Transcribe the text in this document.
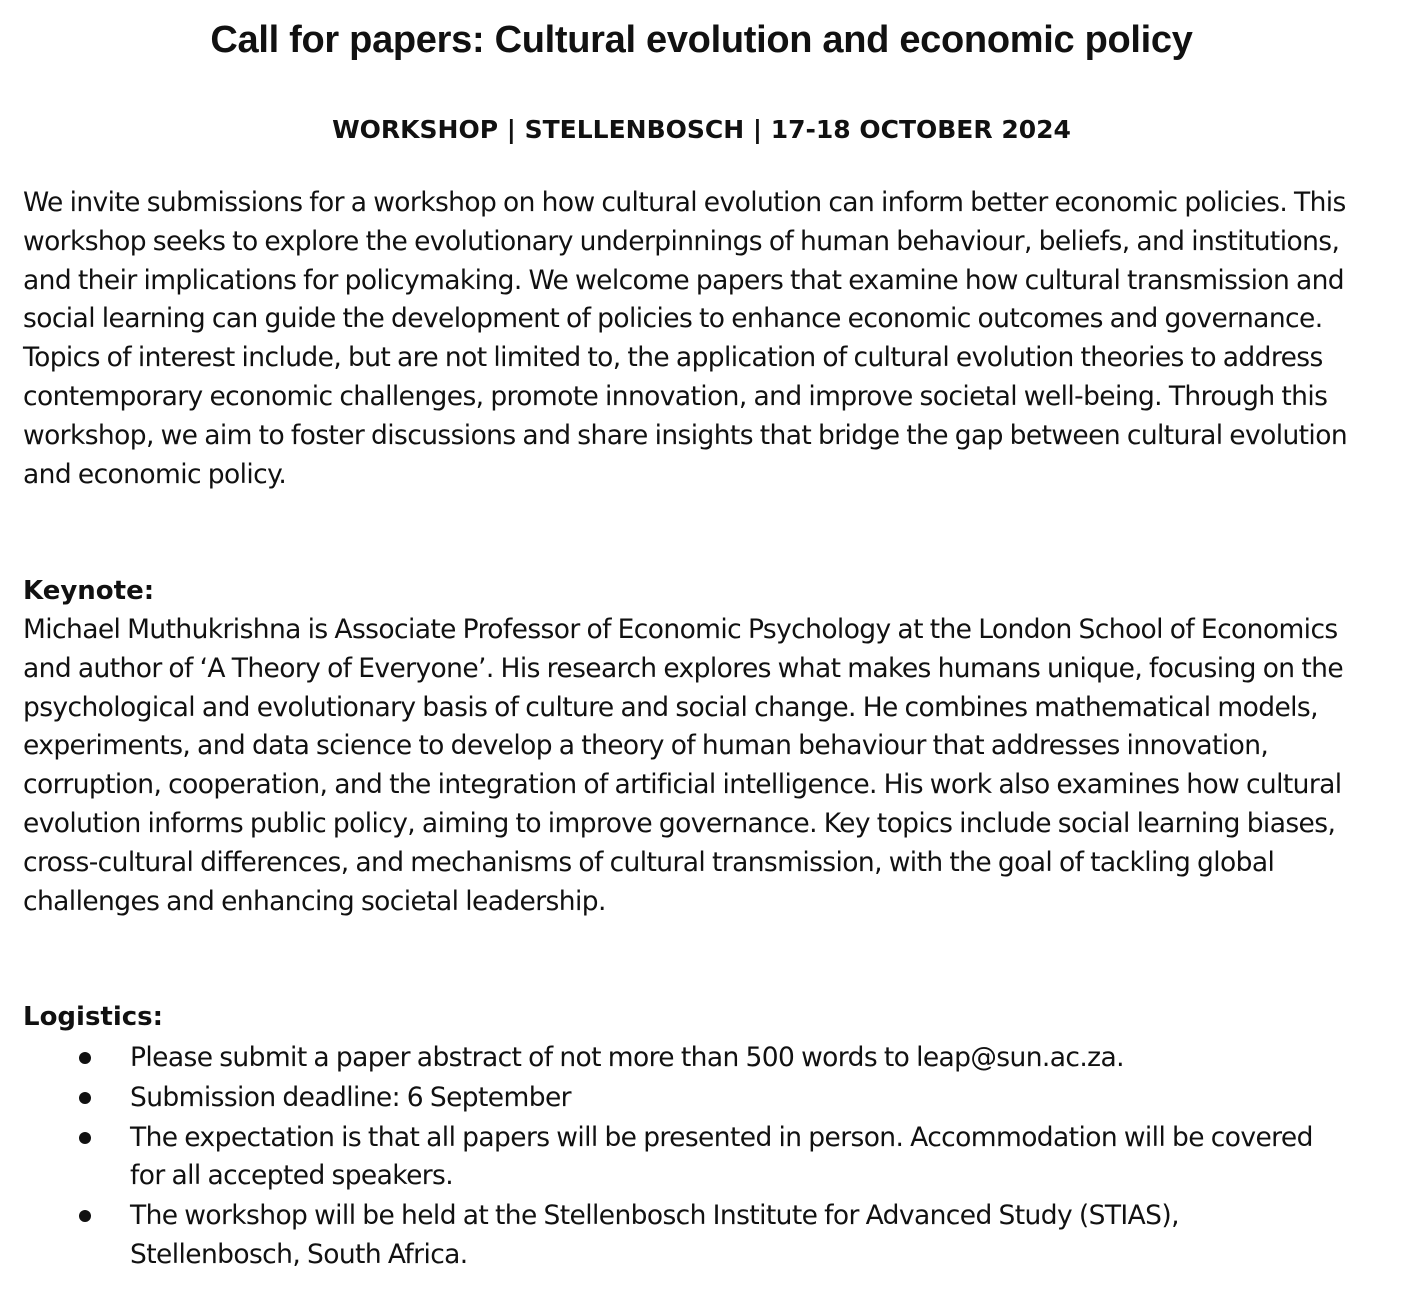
Call for papers: Cultural evolution and economic policy
WORKSHOP | STELLENBOSCH | 17-18 OCTOBER 2024

We invite submissions for a workshop on how cultural evolution can inform better economic policies. This workshop seeks to explore the evolutionary underpinnings of human behaviour, beliefs, and institutions, and their implications for policymaking. We welcome papers that examine how cultural transmission and social learning can guide the development of policies to enhance economic outcomes and governance. Topics of interest include, but are not limited to, the application of cultural evolution theories to address contemporary economic challenges, promote innovation, and improve societal well-being. Through this workshop, we aim to foster discussions and share insights that bridge the gap between cultural evolution and economic policy.

Keynote:

Michael Muthukrishna is Associate Professor of Economic Psychology at the London School of Economics and author of ‘A Theory of Everyone’. His research explores what makes humans unique, focusing on the psychological and evolutionary basis of culture and social change. He combines mathematical models, experiments, and data science to develop a theory of human behaviour that addresses innovation, corruption, cooperation, and the integration of artificial intelligence. His work also examines how cultural evolution informs public policy, aiming to improve governance. Key topics include social learning biases, cross-cultural differences, and mechanisms of cultural transmission, with the goal of tackling global challenges and enhancing societal leadership.

Logistics:
Please submit a paper abstract of not more than 500 words to leap@sun.ac.za.
Submission deadline: 6 September
The expectation is that all papers will be presented in person. Accommodation will be covered for all accepted speakers.
The workshop will be held at the Stellenbosch Institute for Advanced Study (STIAS), Stellenbosch, South Africa.
